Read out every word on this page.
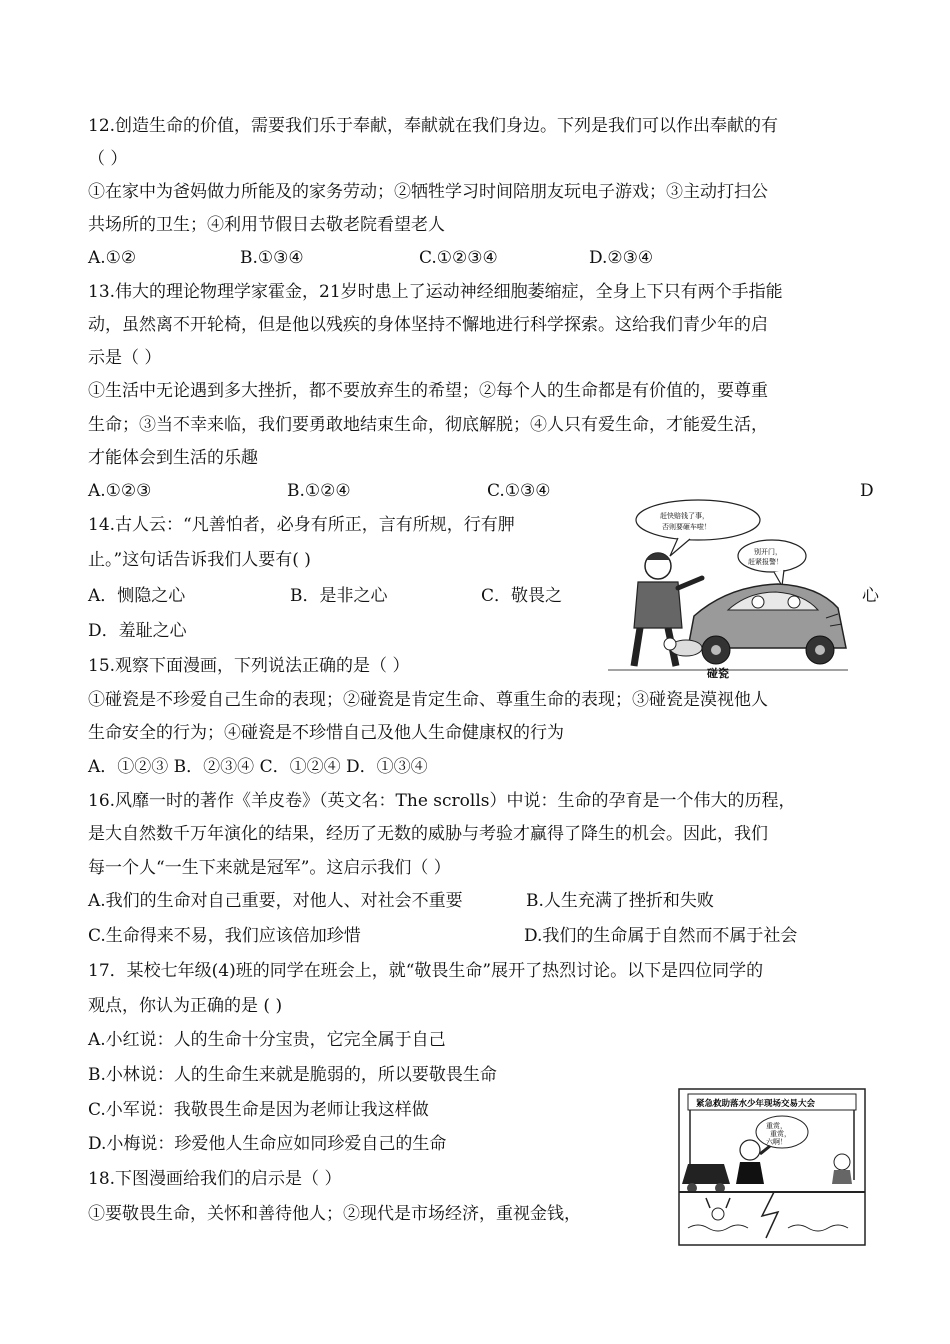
12.创造生命的价值，需要我们乐于奉献，奉献就在我们身边。下列是我们可以作出奉献的有
（ ）
①在家中为爸妈做力所能及的家务劳动；②牺牲学习时间陪朋友玩电子游戏；③主动打扫公
共场所的卫生；④利用节假日去敬老院看望老人
A.①②	B.①③④	C.①②③④	D.②③④
13.伟大的理论物理学家霍金，21岁时患上了运动神经细胞萎缩症，全身上下只有两个手指能
动，虽然离不开轮椅，但是他以残疾的身体坚持不懈地进行科学探索。这给我们青少年的启
示是（ ）
①生活中无论遇到多大挫折，都不要放弃生的希望；②每个人的生命都是有价值的，要尊重
生命；③当不幸来临，我们要勇敢地结束生命，彻底解脱；④人只有爱生命，才能爱生活，
才能体会到生活的乐趣
A.①②③	B.①②④	C.①③④	D
14.古人云：“凡善怕者，必身有所正，言有所规，行有胛
止。”这句话告诉我们人要有( )
A．恻隐之心	B．是非之心	C．敬畏之	心
D．羞耻之心
赶快赔钱了事，
否则要砸车啦！
别开门，
赶紧报警！
碰瓷
15.观察下面漫画，下列说法正确的是（ ）
①碰瓷是不珍爱自己生命的表现；②碰瓷是肯定生命、尊重生命的表现；③碰瓷是漠视他人
生命安全的行为；④碰瓷是不珍惜自己及他人生命健康权的行为
A．①②③ B．②③④ C．①②④ D．①③④
16.风靡一时的著作《羊皮卷》（英文名：The scrolls）中说：生命的孕育是一个伟大的历程，
是大自然数千万年演化的结果，经历了无数的威胁与考验才赢得了降生的机会。因此，我们
每一个人“一生下来就是冠军”。这启示我们（ ）
A.我们的生命对自己重要，对他人、对社会不重要	B.人生充满了挫折和失败
C.生命得来不易，我们应该倍加珍惜	D.我们的生命属于自然而不属于社会
17．某校七年级(4)班的同学在班会上，就“敬畏生命”展开了热烈讨论。以下是四位同学的
观点，你认为正确的是 ( )
A.小红说：人的生命十分宝贵，它完全属于自己
B.小林说：人的生命生来就是脆弱的，所以要敬畏生命
C.小军说：我敬畏生命是因为老师让我这样做
D.小梅说：珍爱他人生命应如同珍爱自己的生命
18.下图漫画给我们的启示是（ ）
①要敬畏生命，关怀和善待他人；②现代是市场经济，重视金钱，
紧急救助落水少年现场交易大会
重赏，
重赏，
六啊！
